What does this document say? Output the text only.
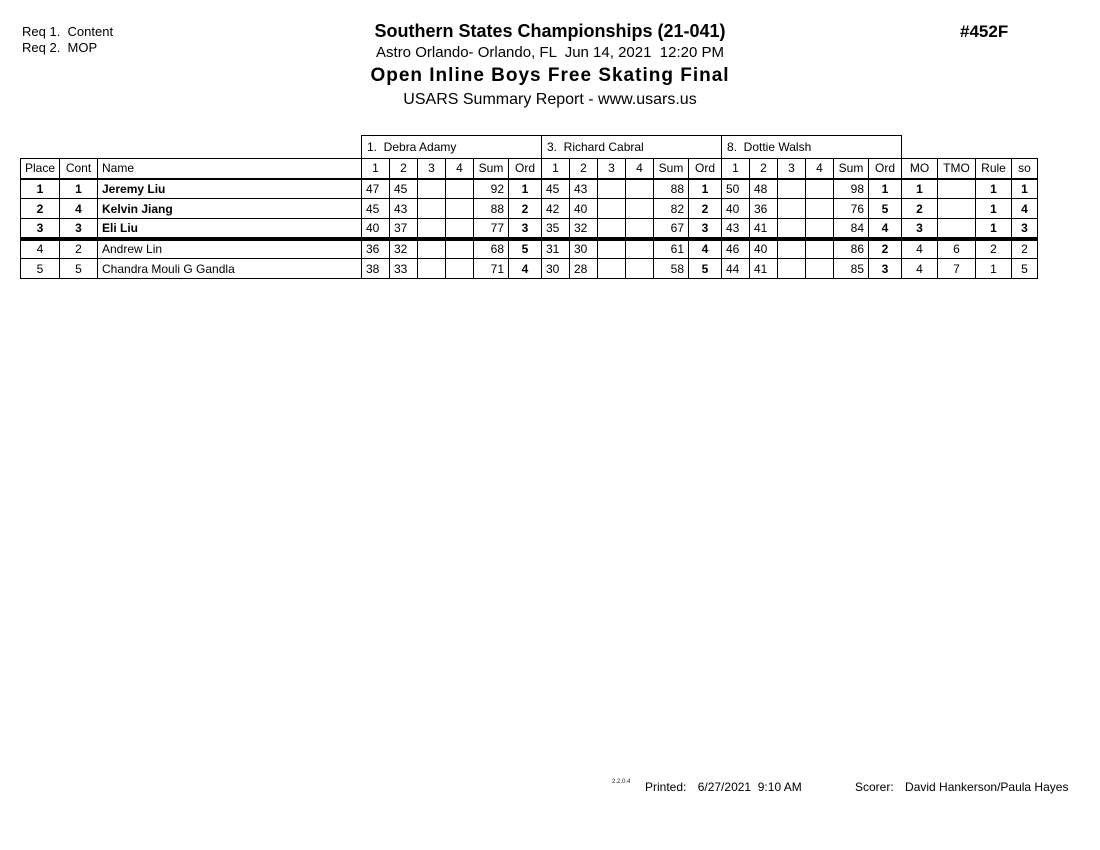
Req 1.  Content
Req 2.  MOP
Southern States Championships (21-041)
Astro Orlando- Orlando, FL  Jun 14, 2021  12:20 PM
Open Inline Boys Free Skating Final
USARS Summary Report - www.usars.us
#452F
			1.  Debra Adamy						3.  Richard Cabral						8.  Dottie Walsh									
Place	Cont	Name	1	2	3	4	Sum	Ord	1	2	3	4	Sum	Ord	1	2	3	4	Sum	Ord	MO	TMO	Rule	so
1	1	Jeremy Liu	47	45			92	1	45	43			88	1	50	48			98	1	1		1	1
2	4	Kelvin Jiang	45	43			88	2	42	40			82	2	40	36			76	5	2		1	4
3	3	Eli Liu	40	37			77	3	35	32			67	3	43	41			84	4	3		1	3
4	2	Andrew Lin	36	32			68	5	31	30			61	4	46	40			86	2	4	6	2	2
5	5	Chandra Mouli G Gandla	38	33			71	4	30	28			58	5	44	41			85	3	4	7	1	5
2.2.0.4 Printed: 6/27/2021  9:10 AM	Scorer: David Hankerson/Paula Hayes
